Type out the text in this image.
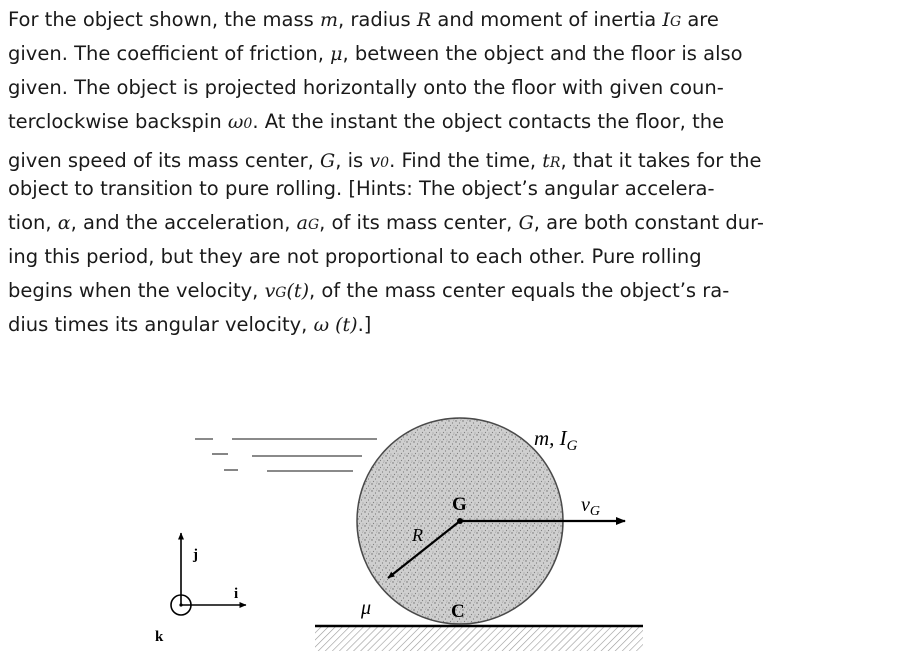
For the object shown, the mass m, radius R and moment of inertia IG are
given. The coefficient of friction, μ, between the object and the floor is also
given. The object is projected horizontally onto the floor with given coun-
terclockwise backspin ω0. At the instant the object contacts the floor, the
given speed of its mass center, G, is v0. Find the time, tR, that it takes for the
object to transition to pure rolling. [Hints: The object’s angular accelera-
tion, α, and the acceleration, aG, of its mass center, G, are both constant dur-
ing this period, but they are not proportional to each other. Pure rolling
begins when the velocity, vG(t), of the mass center equals the object’s ra-
dius times its angular velocity, ω (t).]
m, $I_G$
$v_G$
G
R
C
μ
j
i
k
